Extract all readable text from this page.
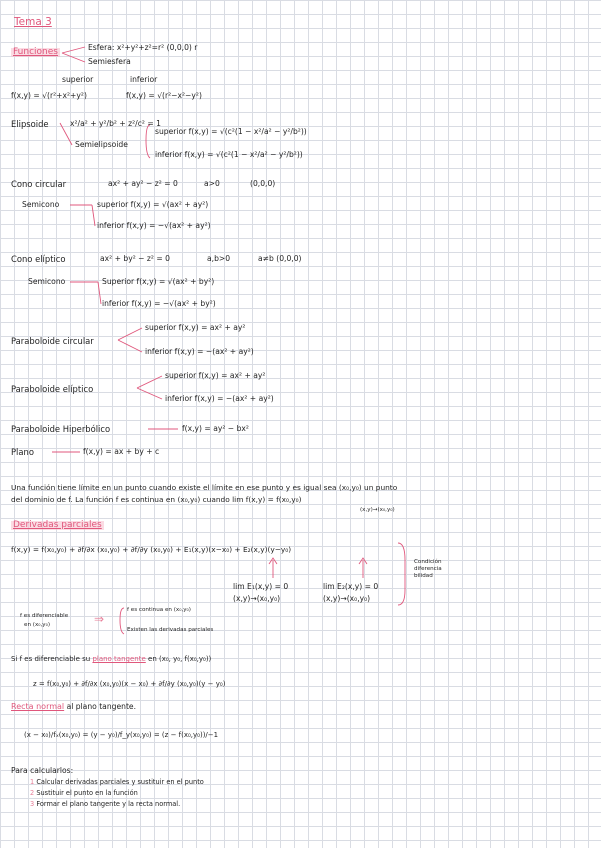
Tema 3
Funciones	Esfera: x²+y²+z²=r² (0,0,0) r
Semiesfera
superior	inferior
f(x,y) = √(r²+x²+y²)	f(x,y) = √(r²−x²−y²)
Elipsoide	x²/a² + y²/b² + z²/c² = 1
Semielipsoide
superior f(x,y) = √(c²(1 − x²/a² − y²/b²))
inferior f(x,y) = √(c²(1 − x²/a² − y²/b²))
Cono circular	ax² + ay² − z² = 0	a>0	(0,0,0)
Semicono	superior f(x,y) = √(ax² + ay²)
inferior f(x,y) = −√(ax² + ay²)
Cono elíptico	ax² + by² − z² = 0	a,b>0	a≠b (0,0,0)
Semicono	Superior f(x,y) = √(ax² + by²)
inferior f(x,y) = −√(ax² + by²)
Paraboloide circular
superior f(x,y) = ax² + ay²
inferior f(x,y) = −(ax² + ay²)
Paraboloide elíptico
superior f(x,y) = ax² + ay²
inferior f(x,y) = −(ax² + ay²)
Paraboloide Hiperbólico	f(x,y) = ay² − bx²
Plano	f(x,y) = ax + by + c
Una función tiene límite en un punto cuando existe el límite en ese punto y es igual sea (x₀,y₀) un punto
del dominio de f. La función f es continua en (x₀,y₀) cuando lim f(x,y) = f(x₀,y₀)
(x,y)→(x₀,y₀)
Derivadas parciales
f(x,y) = f(x₀,y₀) + ∂f/∂x (x₀,y₀) + ∂f/∂y (x₀,y₀) + E₁(x,y)(x−x₀) + E₂(x,y)(y−y₀)
Condición
diferencia
bilidad
lim E₁(x,y) = 0
(x,y)→(x₀,y₀)
lim E₂(x,y) = 0
(x,y)→(x₀,y₀)
f es diferenciable
en (x₀,y₀)	⇒
f es continua en (x₀,y₀)
Existen las derivadas parciales
Si f es diferenciable su plano tangente en (x₀, y₀, f(x₀,y₀))
z = f(x₀,y₀) + ∂f/∂x (x₀,y₀)(x − x₀) + ∂f/∂y (x₀,y₀)(y − y₀)
Recta normal al plano tangente.
(x − x₀)/fₓ(x₀,y₀) = (y − y₀)/f_y(x₀,y₀) = (z − f(x₀,y₀))/−1
Para calcularlos:
1 Calcular derivadas parciales y sustituir en el punto
2 Sustituir el punto en la función
3 Formar el plano tangente y la recta normal.
